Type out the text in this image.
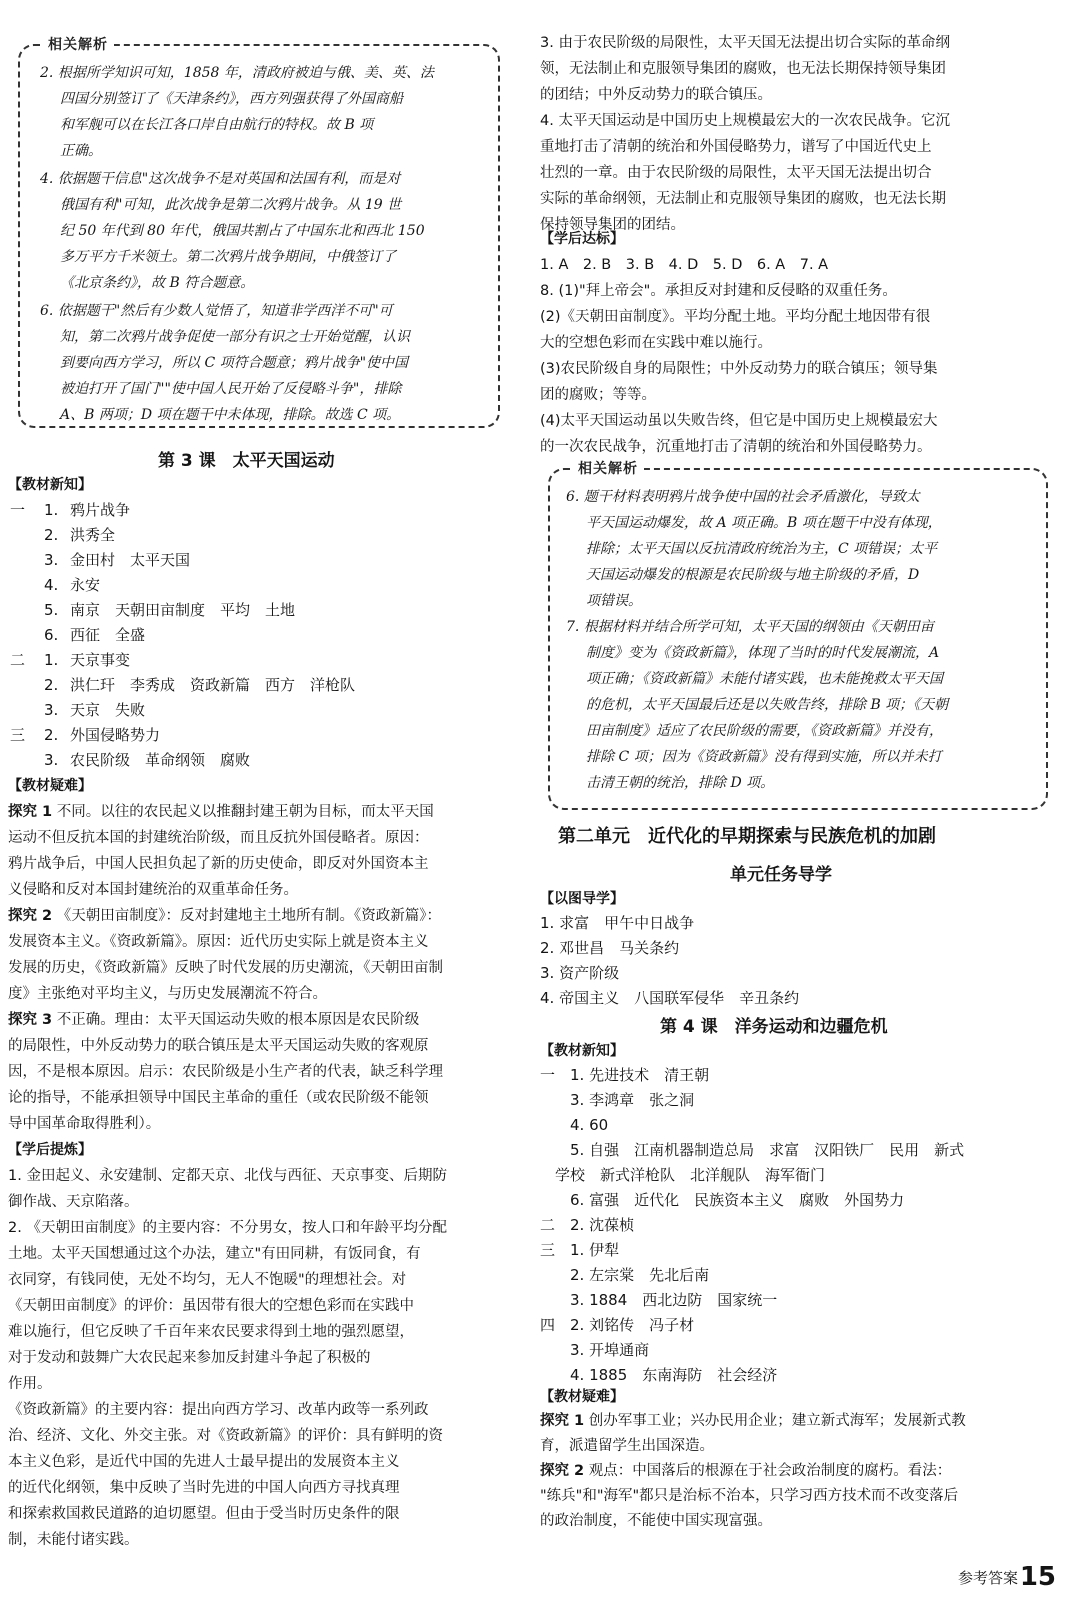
相关解析
2. 根据所学知识可知，1858 年，清政府被迫与俄、美、英、法
四国分别签订了《天津条约》，西方列强获得了外国商船
和军舰可以在长江各口岸自由航行的特权。故 B 项
正确。
4. 依据题干信息"这次战争不是对英国和法国有利，而是对
俄国有利"可知，此次战争是第二次鸦片战争。从 19 世
纪 50 年代到 80 年代，俄国共割占了中国东北和西北 150
多万平方千米领土。第二次鸦片战争期间，中俄签订了
《北京条约》，故 B 符合题意。
6. 依据题干"然后有少数人觉悟了，知道非学西洋不可"可
知，第二次鸦片战争促使一部分有识之士开始觉醒，认识
到要向西方学习，所以 C 项符合题意；鸦片战争"使中国
被迫打开了国门""使中国人民开始了反侵略斗争"，排除
A、B 两项；D 项在题干中未体现，排除。故选 C 项。
第 3 课　太平天国运动
【教材新知】
一 1. 鸦片战争
2. 洪秀全
3. 金田村　太平天国
4. 永安
5. 南京　天朝田亩制度　平均　土地
6. 西征　全盛
二 1. 天京事变
2. 洪仁玕　李秀成　资政新篇　西方　洋枪队
3. 天京　失败
三 2. 外国侵略势力
3. 农民阶级　革命纲领　腐败
【教材疑难】
探究 1 不同。以往的农民起义以推翻封建王朝为目标，而太平天国
运动不但反抗本国的封建统治阶级，而且反抗外国侵略者。原因：
鸦片战争后，中国人民担负起了新的历史使命，即反对外国资本主
义侵略和反对本国封建统治的双重革命任务。
探究 2 《天朝田亩制度》：反对封建地主土地所有制。《资政新篇》：
发展资本主义。《资政新篇》。原因：近代历史实际上就是资本主义
发展的历史，《资政新篇》反映了时代发展的历史潮流，《天朝田亩制
度》主张绝对平均主义，与历史发展潮流不符合。
探究 3 不正确。理由：太平天国运动失败的根本原因是农民阶级
的局限性，中外反动势力的联合镇压是太平天国运动失败的客观原
因，不是根本原因。启示：农民阶级是小生产者的代表，缺乏科学理
论的指导，不能承担领导中国民主革命的重任（或农民阶级不能领
导中国革命取得胜利）。
【学后提炼】
1. 金田起义、永安建制、定都天京、北伐与西征、天京事变、后期防
御作战、天京陷落。
2. 《天朝田亩制度》的主要内容：不分男女，按人口和年龄平均分配
土地。太平天国想通过这个办法，建立"有田同耕，有饭同食，有
衣同穿，有钱同使，无处不均匀，无人不饱暖"的理想社会。对
《天朝田亩制度》的评价：虽因带有很大的空想色彩而在实践中
难以施行，但它反映了千百年来农民要求得到土地的强烈愿望，
对于发动和鼓舞广大农民起来参加反封建斗争起了积极的
作用。
《资政新篇》的主要内容：提出向西方学习、改革内政等一系列政
治、经济、文化、外交主张。对《资政新篇》的评价：具有鲜明的资
本主义色彩，是近代中国的先进人士最早提出的发展资本主义
的近代化纲领，集中反映了当时先进的中国人向西方寻找真理
和探索救国救民道路的迫切愿望。但由于受当时历史条件的限
制，未能付诸实践。
3. 由于农民阶级的局限性，太平天国无法提出切合实际的革命纲
领，无法制止和克服领导集团的腐败，也无法长期保持领导集团
的团结；中外反动势力的联合镇压。
4. 太平天国运动是中国历史上规模最宏大的一次农民战争。它沉
重地打击了清朝的统治和外国侵略势力，谱写了中国近代史上
壮烈的一章。由于农民阶级的局限性，太平天国无法提出切合
实际的革命纲领，无法制止和克服领导集团的腐败，也无法长期
保持领导集团的团结。
【学后达标】
1. A　2. B　3. B　4. D　5. D　6. A　7. A
8. (1)"拜上帝会"。承担反对封建和反侵略的双重任务。
(2)《天朝田亩制度》。平均分配土地。平均分配土地因带有很
大的空想色彩而在实践中难以施行。
(3)农民阶级自身的局限性；中外反动势力的联合镇压；领导集
团的腐败；等等。
(4)太平天国运动虽以失败告终，但它是中国历史上规模最宏大
的一次农民战争，沉重地打击了清朝的统治和外国侵略势力。
相关解析
6. 题干材料表明鸦片战争使中国的社会矛盾激化，导致太
平天国运动爆发，故 A 项正确。B 项在题干中没有体现，
排除；太平天国以反抗清政府统治为主，C 项错误；太平
天国运动爆发的根源是农民阶级与地主阶级的矛盾，D
项错误。
7. 根据材料并结合所学可知，太平天国的纲领由《天朝田亩
制度》变为《资政新篇》，体现了当时的时代发展潮流，A
项正确；《资政新篇》未能付诸实践，也未能挽救太平天国
的危机，太平天国最后还是以失败告终，排除 B 项；《天朝
田亩制度》适应了农民阶级的需要，《资政新篇》并没有，
排除 C 项；因为《资政新篇》没有得到实施，所以并未打
击清王朝的统治，排除 D 项。
第二单元　近代化的早期探索与民族危机的加剧
单元任务导学
【以图导学】
1. 求富　甲午中日战争
2. 邓世昌　马关条约
3. 资产阶级
4. 帝国主义　八国联军侵华　辛丑条约
第 4 课　洋务运动和边疆危机
【教材新知】
一　1. 先进技术　清王朝
　　3. 李鸿章　张之洞
　　4. 60
　　5. 自强　江南机器制造总局　求富　汉阳铁厂　民用　新式
　学校　新式洋枪队　北洋舰队　海军衙门
　　6. 富强　近代化　民族资本主义　腐败　外国势力
二　2. 沈葆桢
三　1. 伊犁
　　2. 左宗棠　先北后南
　　3. 1884　西北边防　国家统一
四　2. 刘铭传　冯子材
　　3. 开埠通商
　　4. 1885　东南海防　社会经济
【教材疑难】
探究 1 创办军事工业；兴办民用企业；建立新式海军；发展新式教
育，派遣留学生出国深造。
探究 2 观点：中国落后的根源在于社会政治制度的腐朽。看法：
"练兵"和"海军"都只是治标不治本，只学习西方技术而不改变落后
的政治制度，不能使中国实现富强。
参考答案 15
